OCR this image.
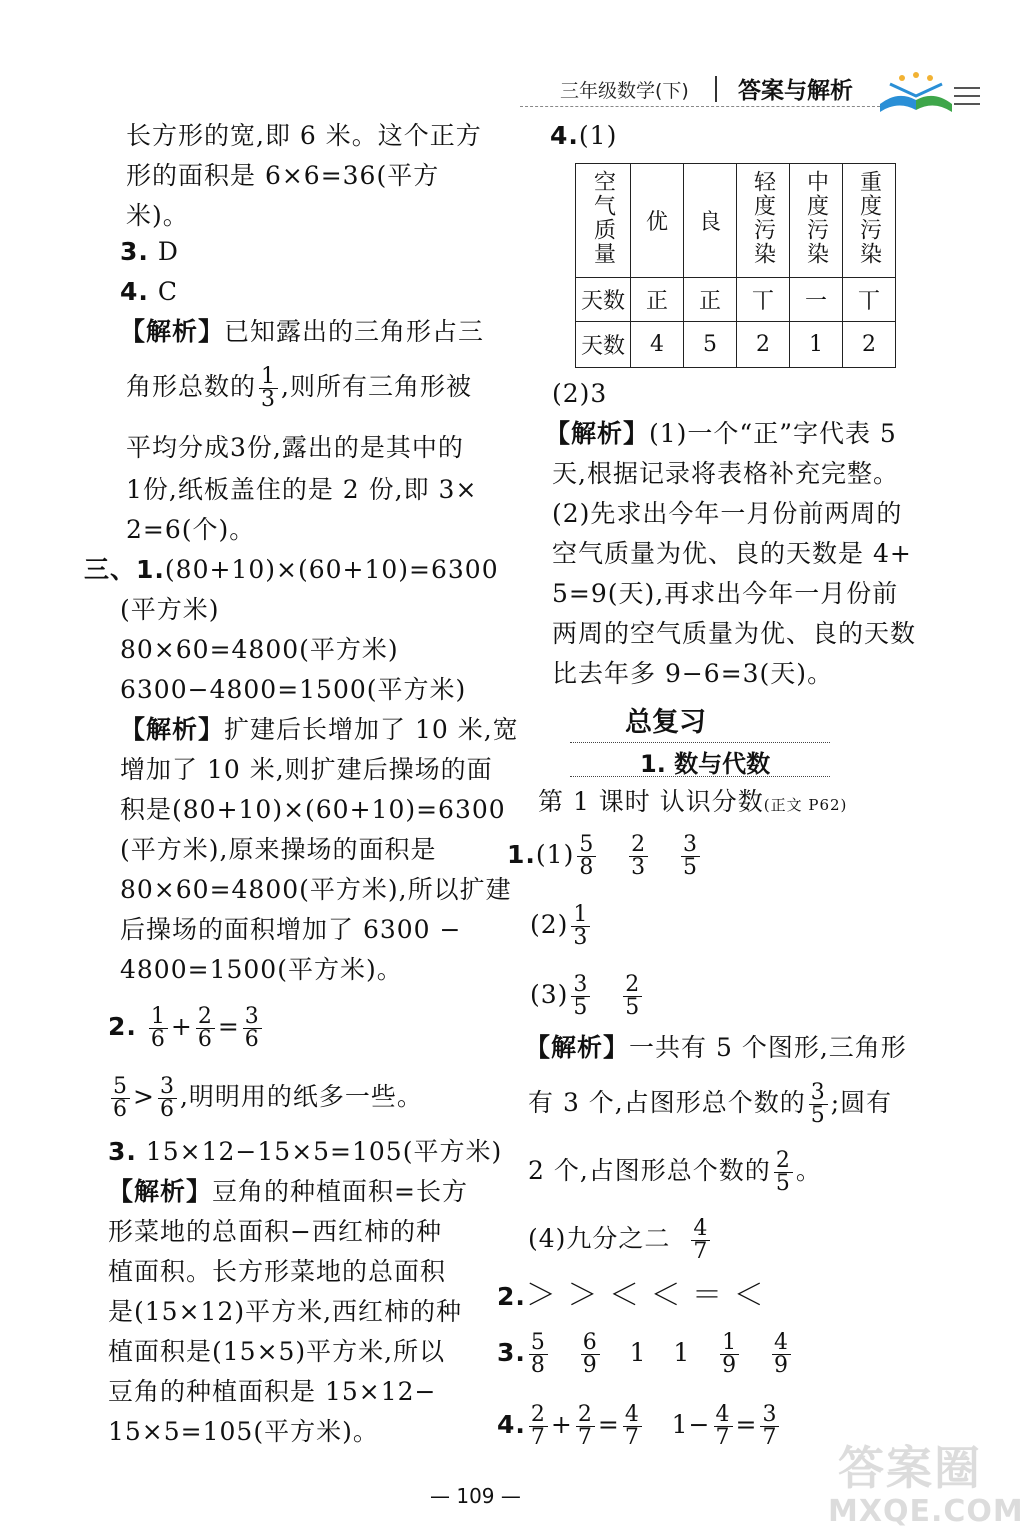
三年级数学(下) 答案与解析
长方形的宽,即 6 米。这个正方
形的面积是 6×6=36(平方
米)。
3. D
4. C
【解析】已知露出的三角形占三
角形总数的 $\frac{1}{3}$ ,则所有三角形被
平均分成3份,露出的是其中的
1份,纸板盖住的是 2 份,即 3×
2=6(个)。
三、1.(80+10)×(60+10)=6300
(平方米)
80×60=4800(平方米)
6300−4800=1500(平方米)
【解析】扩建后长增加了 10 米,宽
增加了 10 米,则扩建后操场的面
积是(80+10)×(60+10)=6300
(平方米),原来操场的面积是
80×60=4800(平方米),所以扩建
后操场的面积增加了 6300 −
4800=1500(平方米)。
2. $\frac{1}{6} + \frac{2}{6} = \frac{3}{6}$
$\frac{5}{6} > \frac{3}{6}$ ,明明用的纸多一些。
3. 15×12−15×5=105(平方米)
【解析】豆角的种植面积=长方
形菜地的总面积−西红柿的种
植面积。长方形菜地的总面积
是(15×12)平方米,西红柿的种
植面积是(15×5)平方米,所以
豆角的种植面积是 15×12−
15×5=105(平方米)。
4.(1)
空气质量	优	良	轻度污染	中度污染	重度污染
天数	正	正	丅	一	丅
天数	4	5	2	1	2
(2)3
【解析】(1)一个“正”字代表 5
天,根据记录将表格补充完整。
(2)先求出今年一月份前两周的
空气质量为优、良的天数是 4+
5=9(天),再求出今年一月份前
两周的空气质量为优、良的天数
比去年多 9−6=3(天)。
总复习
1. 数与代数
第 1 课时 认识分数(正文 P62)
$1.(1) \frac{5}{8}$
$\frac{2}{3}$
$\frac{3}{5}$
$(2) \frac{1}{3}$
$(3) \frac{3}{5}$
$\frac{2}{5}$
【解析】一共有 5 个图形,三角形
有 3 个,占图形总个数的 $\frac{3}{5}$ ;圆有
2 个,占图形总个数的 $\frac{2}{5}$ 。
(4)九分之二 $\frac{4}{7}$
2.＞ ＞ ＜ ＜ ＝ ＜
3. $\frac{5}{8}$
$\frac{6}{9} 1$ $1 \frac{1}{9}$
$\frac{4}{9}$
4. $\frac{2}{7} + \frac{2}{7} = \frac{4}{7} 1- \frac{4}{7} = \frac{3}{7}$
— 109 —
答案圈
MXQE.COM
